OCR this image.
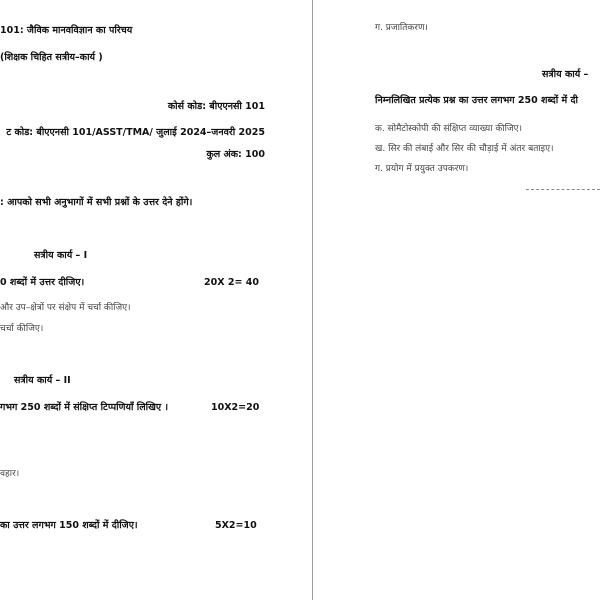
101: जैविक मानवविज्ञान का परिचय
(शिक्षक चिहित सत्रीय–कार्य )
कोर्स कोड: बीएएनसी 101
ट कोड: बीएएनसी 101/ASST/TMA/ जुलाई 2024–जनवरी 2025
कुल अंक: 100
: आपको सभी अनुभागों में सभी प्रश्नों के उत्तर देने होंगे।
सत्रीय कार्य – I
0 शब्दों में उत्तर दीजिए।	20X 2= 40
और उप–क्षेत्रों पर संक्षेप में चर्चा कीजिए।
चर्चा कीजिए।
सत्रीय कार्य – II
गभग 250 शब्दों में संक्षिप्त टिप्पणियाँ लिखिए ।	10X2=20
वहार।
का उत्तर लगभग 150 शब्दों में दीजिए।	5X2=10
ग. प्रजातिकरण।
सत्रीय कार्य –
निम्नलिखित प्रत्येक प्रश्न का उत्तर लगभग 250 शब्दों में दी
क. सोमैटोस्कोपी की संक्षिप्त व्याख्या कीजिए।
ख. सिर की लंबाई और सिर की चौड़ाई में अंतर बताइए।
ग. प्रयोग में प्रयुक्त उपकरण।
